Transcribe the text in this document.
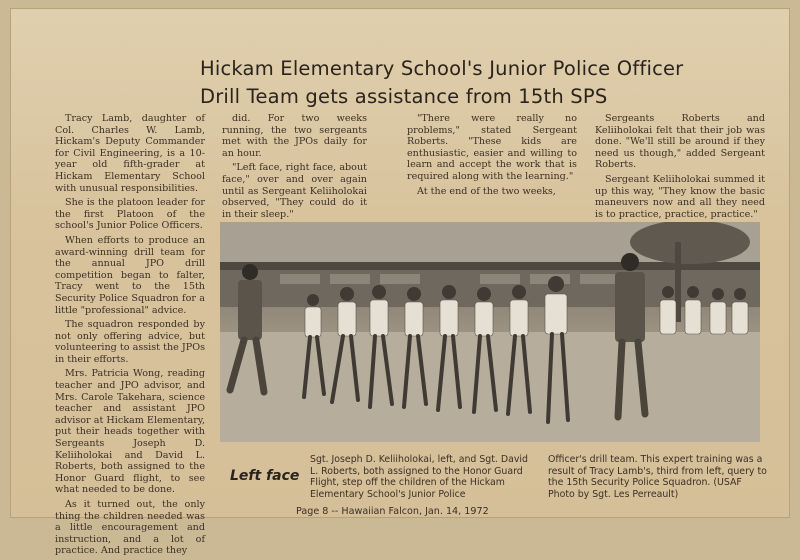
Hickam Elementary School's Junior Police Officer
Drill Team gets assistance from 15th SPS

Tracy Lamb, daughter of Col. Charles W. Lamb, Hickam's Deputy Commander for Civil Engineering, is a 10-year old fifth-grader at Hickam Elementary School with unusual responsibilities.

She is the platoon leader for the first Platoon of the school's Junior Police Officers.

When efforts to produce an award-winning drill team for the annual JPO drill competition began to falter, Tracy went to the 15th Security Police Squadron for a little "professional" advice.

The squadron responded by not only offering advice, but volunteering to assist the JPOs in their efforts.

Mrs. Patricia Wong, reading teacher and JPO advisor, and Mrs. Carole Takehara, science teacher and assistant JPO advisor at Hickam Elementary, put their heads together with Sergeants Joseph D. Keliiholokai and David L. Roberts, both assigned to the Honor Guard flight, to see what needed to be done.

As it turned out, the only thing the children needed was a little encouragement and instruction, and a lot of practice. And practice they

did. For two weeks running, the two sergeants met with the JPOs daily for an hour.

"Left face, right face, about face," over and over again until as Sergeant Keliiholokai observed, "They could do it in their sleep."

"There were really no problems," stated Sergeant Roberts. "These kids are enthusiastic, easier and willing to learn and accept the work that is required along with the learning."

At the end of the two weeks,

Sergeants Roberts and Keliiholokai felt that their job was done. "We'll still be around if they need us though," added Sergeant Roberts.

Sergeant Keliiholokai summed it up this way, "They know the basic maneuvers now and all they need is to practice, practice, practice."

Left face
Sgt. Joseph D. Keliiholokai, left, and Sgt. David L. Roberts, both assigned to the Honor Guard Flight, step off the children of the Hickam Elementary School's Junior Police
Officer's drill team. This expert training was a result of Tracy Lamb's, third from left, query to the 15th Security Police Squadron. (USAF Photo by Sgt. Les Perreault)
Page 8 -- Hawaiian Falcon, Jan. 14, 1972
